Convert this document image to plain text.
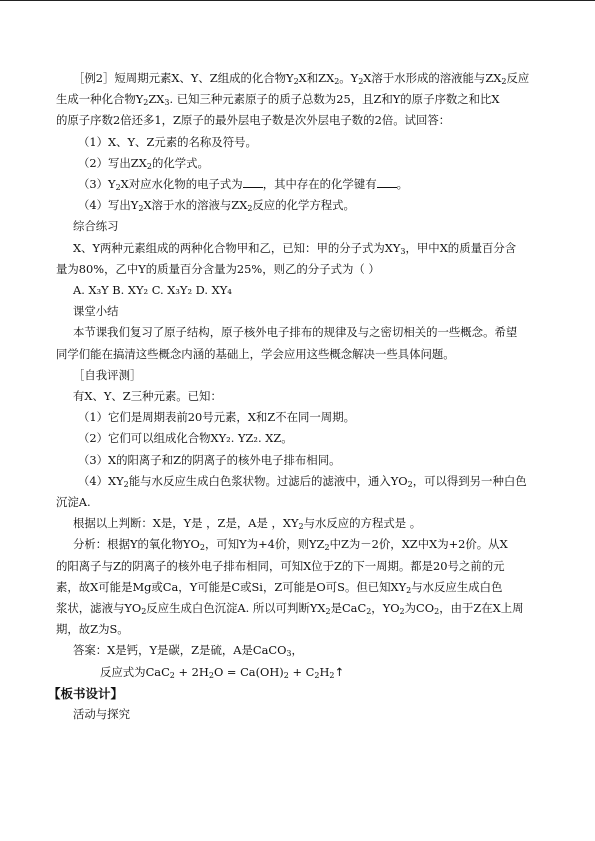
［例2］短周期元素X、Y、Z组成的化合物$Y_2X$和$ZX_2$。$Y_2X$溶于水形成的溶液能与$ZX_2$反应

生成一种化合物$Y_2ZX_3$. 已知三种元素原子的质子总数为25，且Z和Y的原子序数之和比X

的原子序数2倍还多1，Z原子的最外层电子数是次外层电子数的2倍。试回答：

（1）X、Y、Z元素的名称及符号。

（2）写出$ZX_2$的化学式。

$(3)Y_2X$对应水化物的电子式为 ，其中存在的化学键有 。

（4）写出$Y_2X$溶于水的溶液与$ZX_2$反应的化学方程式。

综合练习

X、Y两种元素组成的两种化合物甲和乙，已知：甲的分子式为$XY_3$，甲中X的质量百分含

量为80%，乙中Y的质量百分含量为25%，则乙的分子式为（ ）

A. X₃Y B. XY₂ C. X₃Y₂ D. XY₄

课堂小结

本节课我们复习了原子结构，原子核外电子排布的规律及与之密切相关的一些概念。希望

同学们能在搞清这些概念内涵的基础上，学会应用这些概念解决一些具体问题。

［自我评测］

有X、Y、Z三种元素。已知：

（1）它们是周期表前20号元素，X和Z不在同一周期。

（2）它们可以组成化合物XY₂. YZ₂. XZ。

（3）X的阳离子和Z的阴离子的核外电子排布相同。

$(4)XY_2$能与水反应生成白色浆状物。过滤后的滤液中，通入$YO_2$，可以得到另一种白色

沉淀A.

根据以上判断：X是，Y是 ，Z是，A是 ，$XY_2$与水反应的方程式是 。

分析：根据Y的氧化物$YO_2$，可知Y为+4价，则$YZ_2$中Z为－2价，XZ中X为+2价。从X

的阳离子与Z的阴离子的核外电子排布相同，可知X位于Z的下一周期。都是20号之前的元

素，故X可能是Mg或Ca，Y可能是C或Si，Z可能是O可S。但已知$XY_2$与水反应生成白色

浆状，滤液与$YO_2$反应生成白色沉淀A. 所以可判断$YX_2$是CaC$_2$，$YO_2$为$CO_2$，由于Z在X上周

期，故Z为S。

答案：X是钙，Y是碳，Z是硫，A是CaCO$_3$，

反应式为$CaC_2 + 2H_2O = Ca(OH)_2$ + $C_2H_2↑$

【板书设计】

活动与探究
